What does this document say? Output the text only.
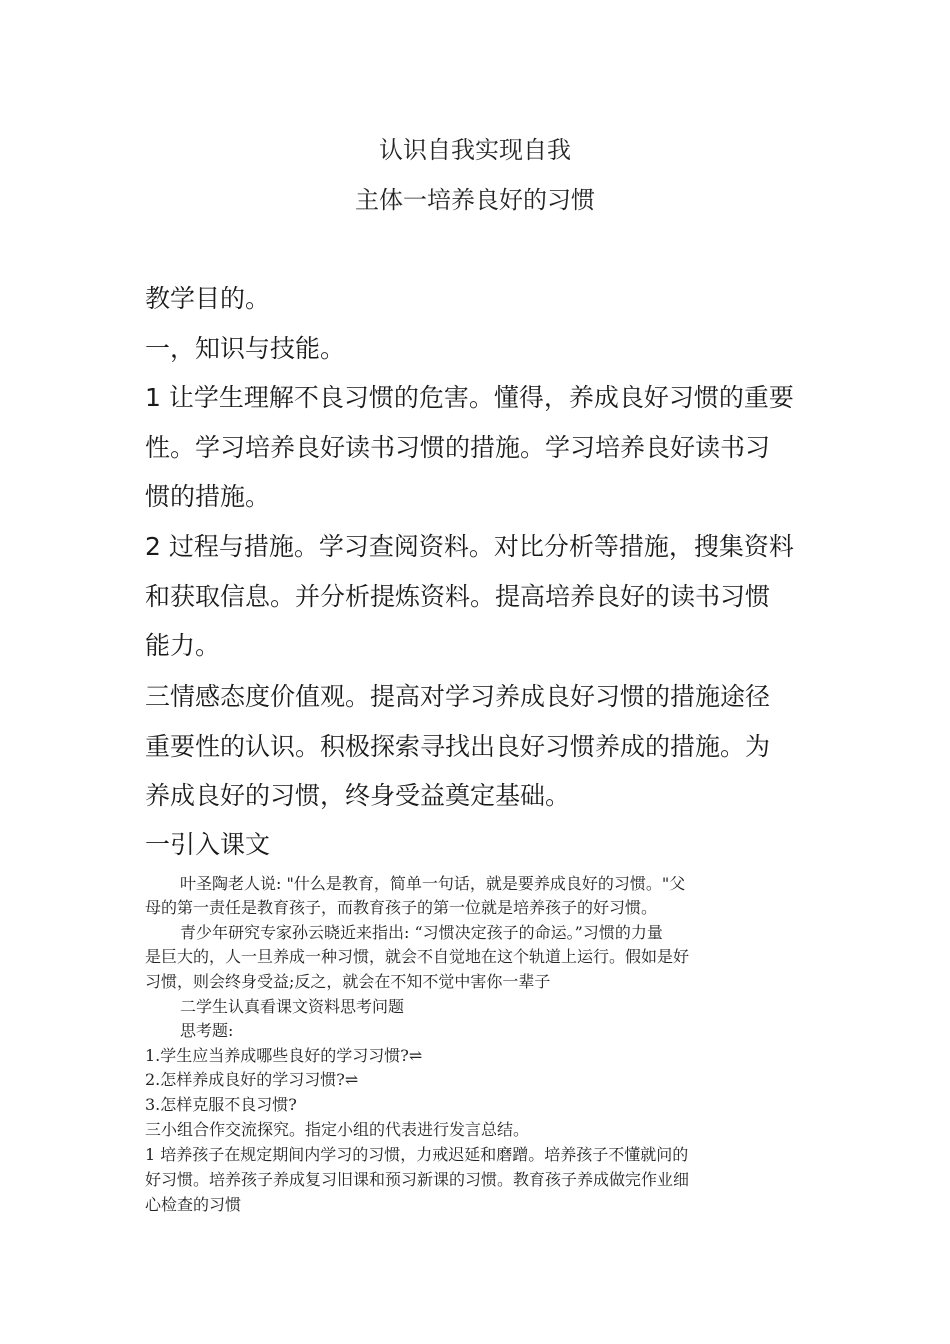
认识自我实现自我
主体一培养良好的习惯
教学目的。
一，知识与技能。
1 让学生理解不良习惯的危害。懂得，养成良好习惯的重要
性。学习培养良好读书习惯的措施。学习培养良好读书习
惯的措施。
2 过程与措施。学习查阅资料。对比分析等措施，搜集资料
和获取信息。并分析提炼资料。提高培养良好的读书习惯
能力。
三情感态度价值观。提高对学习养成良好习惯的措施途径
重要性的认识。积极探索寻找出良好习惯养成的措施。为
养成良好的习惯，终身受益奠定基础。
一引入课文
叶圣陶老人说: "什么是教育，简单一句话，就是要养成良好的习惯。"父
母的第一责任是教育孩子，而教育孩子的第一位就是培养孩子的好习惯。
青少年研究专家孙云晓近来指出: “习惯决定孩子的命运。”习惯的力量
是巨大的，人一旦养成一种习惯，就会不自觉地在这个轨道上运行。假如是好
习惯，则会终身受益;反之，就会在不知不觉中害你一辈子
二学生认真看课文资料思考问题
思考题:
1.学生应当养成哪些良好的学习习惯?⇌
2.怎样养成良好的学习习惯?⇌
3.怎样克服不良习惯?
三小组合作交流探究。指定小组的代表进行发言总结。
1 培养孩子在规定期间内学习的习惯，力戒迟延和磨蹭。培养孩子不懂就问的
好习惯。培养孩子养成复习旧课和预习新课的习惯。教育孩子养成做完作业细
心检查的习惯
